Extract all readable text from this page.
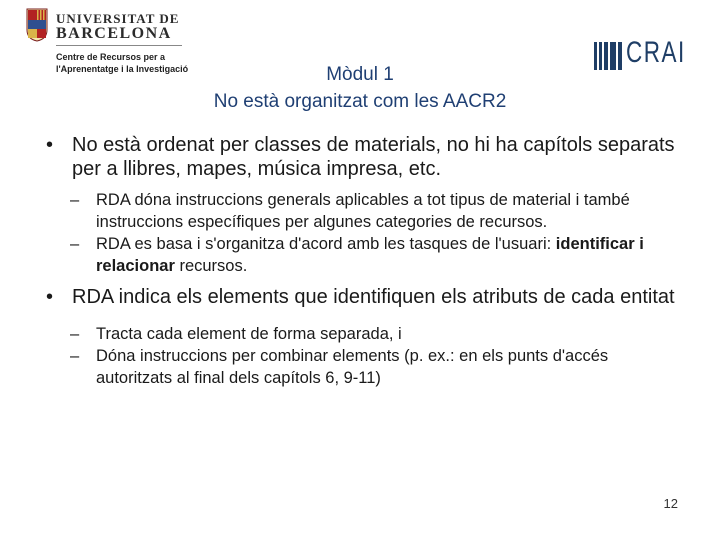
UNIVERSITAT DE
BARCELONA
Centre de Recursos per a
l'Aprenentatge i la Investigació	CRAI
Mòdul 1
No està organitzat com les AACR2
• No està ordenat per classes de materials, no hi ha capítols separats per a llibres, mapes, música impresa, etc.
– RDA dóna instruccions generals aplicables a tot tipus de material i també instruccions específiques per algunes categories de recursos.
– RDA es basa i s'organitza d'acord amb les tasques de l'usuari: identificar i relacionar recursos.
• RDA indica els elements que identifiquen els atributs de cada entitat
– Tracta cada element de forma separada, i
– Dóna instruccions per combinar elements (p. ex.: en els punts d'accés autoritzats al final dels capítols 6, 9-11)
12
